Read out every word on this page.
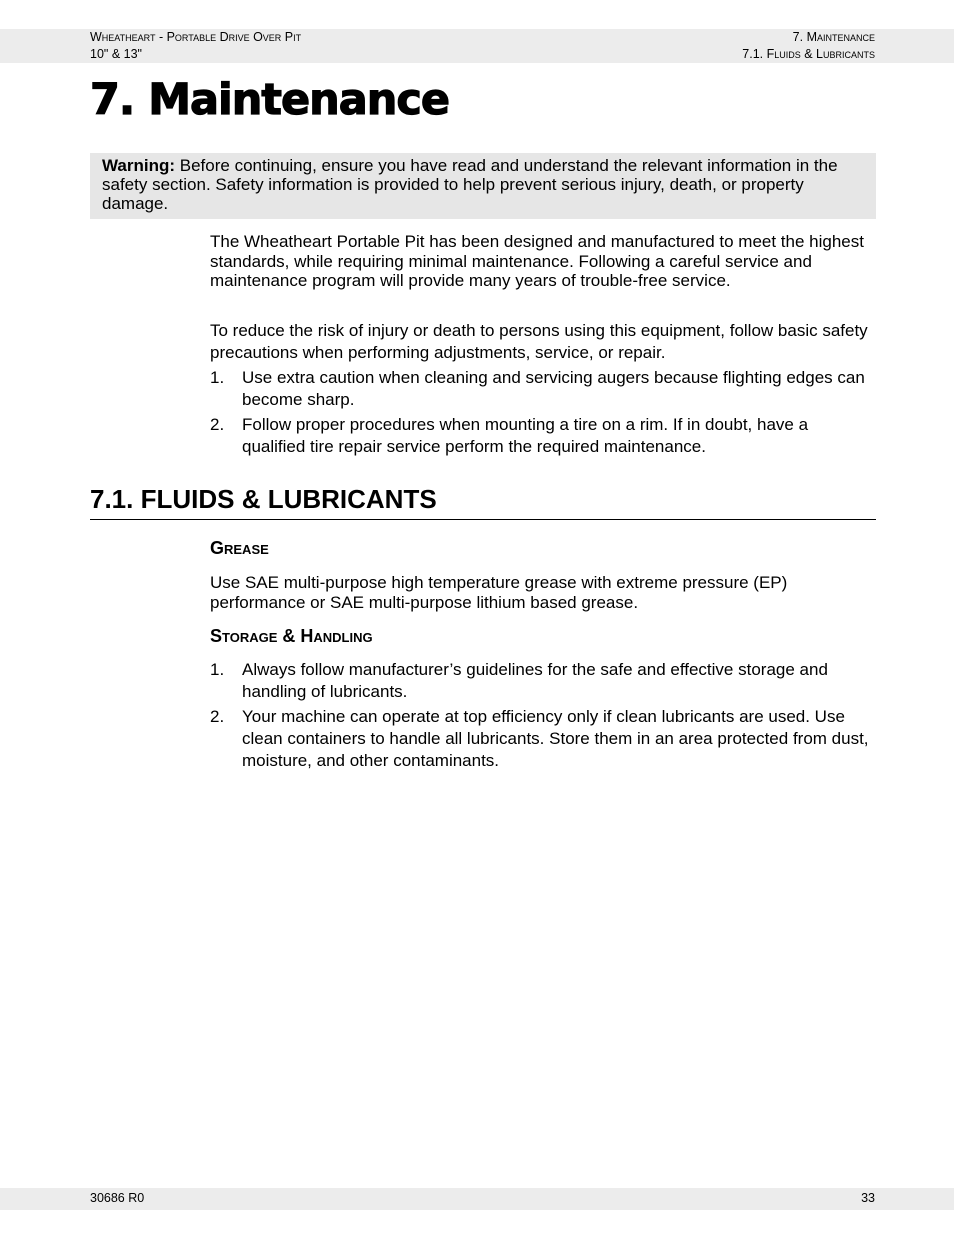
Wheatheart - Portable Drive Over Pit
10" & 13"
7. Maintenance
7.1. Fluids & Lubricants
7. Maintenance
Warning: Before continuing, ensure you have read and understand the relevant information in the safety section. Safety information is provided to help prevent serious injury, death, or property damage.

The Wheatheart Portable Pit has been designed and manufactured to meet the highest standards, while requiring minimal maintenance. Following a careful service and maintenance program will provide many years of trouble-free service.

To reduce the risk of injury or death to persons using this equipment, follow basic safety precautions when performing adjustments, service, or repair.

1. Use extra caution when cleaning and servicing augers because flighting edges can become sharp.
2. Follow proper procedures when mounting a tire on a rim. If in doubt, have a qualified tire repair service perform the required maintenance.
7.1. FLUIDS & LUBRICANTS
Grease

Use SAE multi-purpose high temperature grease with extreme pressure (EP) performance or SAE multi-purpose lithium based grease.

Storage & Handling
1. Always follow manufacturer’s guidelines for the safe and effective storage and handling of lubricants.
2. Your machine can operate at top efficiency only if clean lubricants are used. Use clean containers to handle all lubricants. Store them in an area protected from dust, moisture, and other contaminants.
30686 R0	33
